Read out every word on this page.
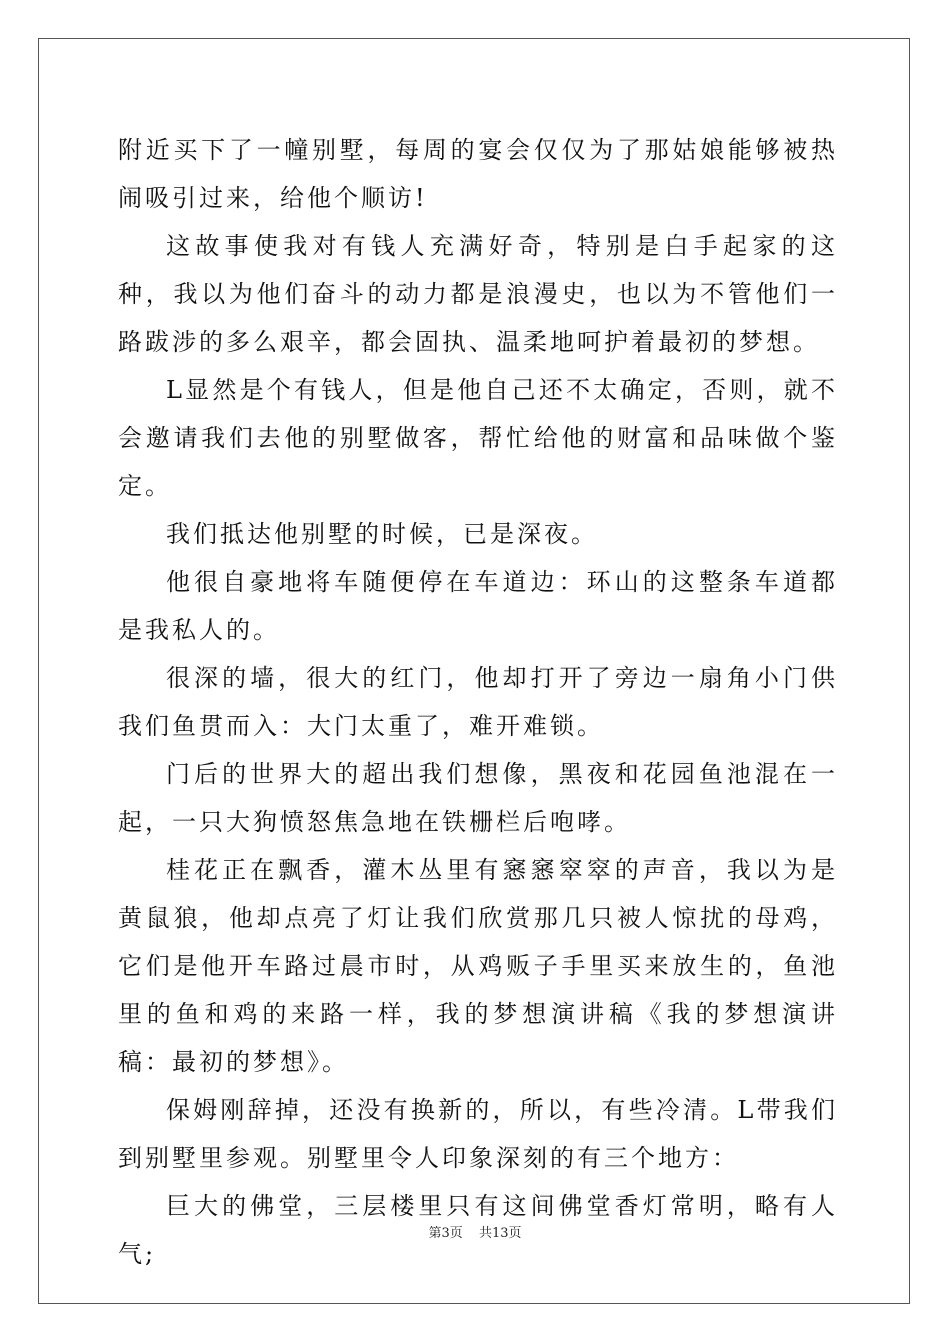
附近买下了一幢别墅，每周的宴会仅仅为了那姑娘能够被热闹吸引过来，给他个顺访!

这故事使我对有钱人充满好奇，特别是白手起家的这种，我以为他们奋斗的动力都是浪漫史，也以为不管他们一路跋涉的多么艰辛，都会固执、温柔地呵护着最初的梦想。

L显然是个有钱人，但是他自己还不太确定，否则，就不会邀请我们去他的别墅做客，帮忙给他的财富和品味做个鉴定。

我们抵达他别墅的时候，已是深夜。

他很自豪地将车随便停在车道边：环山的这整条车道都是我私人的。

很深的墙，很大的红门，他却打开了旁边一扇角小门供我们鱼贯而入：大门太重了，难开难锁。

门后的世界大的超出我们想像，黑夜和花园鱼池混在一起，一只大狗愤怒焦急地在铁栅栏后咆哮。

桂花正在飘香，灌木丛里有窸窸窣窣的声音，我以为是黄鼠狼，他却点亮了灯让我们欣赏那几只被人惊扰的母鸡，它们是他开车路过晨市时，从鸡贩子手里买来放生的，鱼池里的鱼和鸡的来路一样，我的梦想演讲稿《我的梦想演讲稿：最初的梦想》。

保姆刚辞掉，还没有换新的，所以，有些冷清。L带我们到别墅里参观。别墅里令人印象深刻的有三个地方：

巨大的佛堂，三层楼里只有这间佛堂香灯常明，略有人气;

第3页 共13页
